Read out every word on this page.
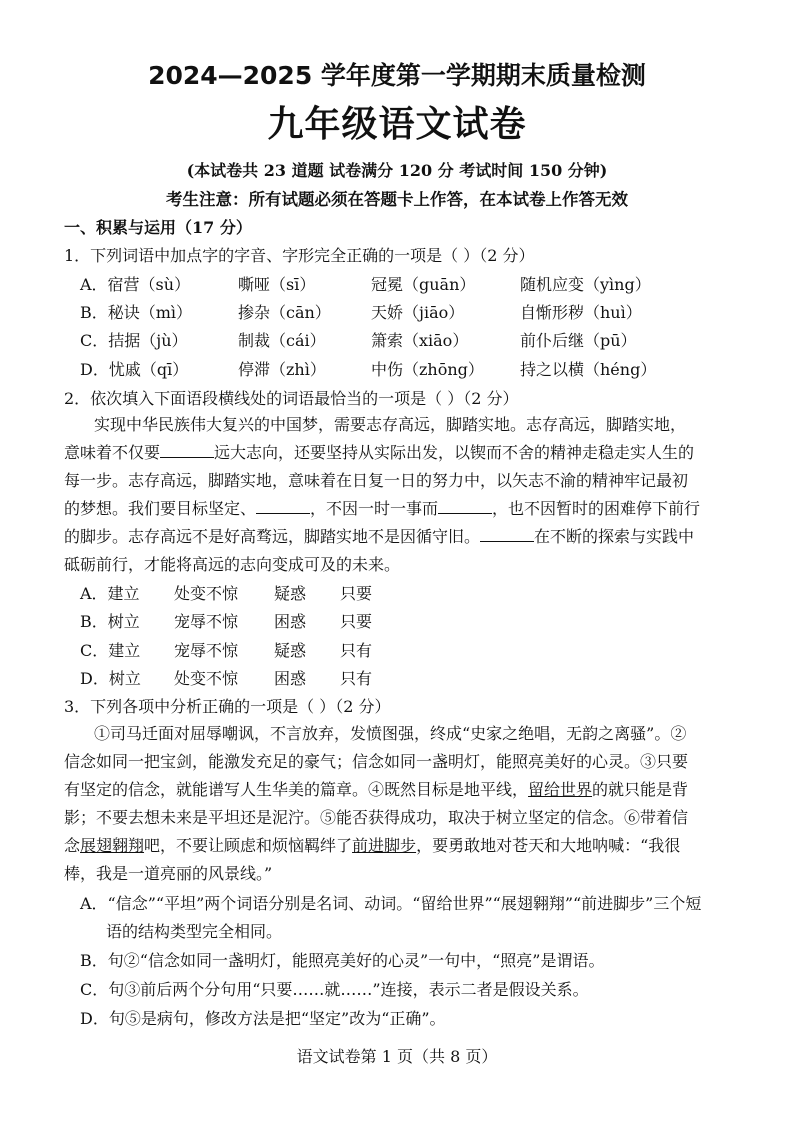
2024—2025 学年度第一学期期末质量检测
九年级语文试卷
(本试卷共 23 道题 试卷满分 120 分 考试时间 150 分钟)
考生注意：所有试题必须在答题卡上作答，在本试卷上作答无效
一、积累与运用（17 分）
1．下列词语中加点字的字音、字形完全正确的一项是（ ）（2 分）
A．宿营（sù）	嘶哑（sī）	冠冕（guān）	随机应变（yìng）
B．秘诀（mì）	掺杂（cān）	天娇（jiāo）	自惭形秽（huì）
C．拮据（jù）	制裁（cái）	箫索（xiāo）	前仆后继（pū）
D．忧戚（qī）	停滞（zhì）	中伤（zhōng） 持之以横（héng）
2．依次填入下面语段横线处的词语最恰当的一项是（ ）（2 分）
实现中华民族伟大复兴的中国梦，需要志存高远，脚踏实地。志存高远，脚踏实地，
意味着不仅要	远大志向，还要坚持从实际出发，以锲而不舍的精神走稳走实人生的
每一步。志存高远，脚踏实地，意味着在日复一日的努力中，以矢志不渝的精神牢记最初
的梦想。我们要目标坚定、	，不因一时一事而	，也不因暂时的困难停下前行
的脚步。志存高远不是好高骛远，脚踏实地不是因循守旧。	在不断的探索与实践中
砥砺前行，才能将高远的志向变成可及的未来。
A．建立 处变不惊 疑惑 只要
B．树立 宠辱不惊 困惑 只要
C．建立 宠辱不惊 疑惑 只有
D．树立 处变不惊 困惑 只有
3．下列各项中分析正确的一项是（ ）（2 分）
①司马迁面对屈辱嘲讽，不言放弃，发愤图强，终成“史家之绝唱，无韵之离骚”。②
信念如同一把宝剑，能激发充足的豪气；信念如同一盏明灯，能照亮美好的心灵。③只要
有坚定的信念，就能谱写人生华美的篇章。④既然目标是地平线，留给世界的就只能是背
影；不要去想未来是平坦还是泥泞。⑤能否获得成功，取决于树立坚定的信念。⑥带着信
念展翅翱翔吧，不要让顾虑和烦恼羁绊了前进脚步，要勇敢地对苍天和大地呐喊：“我很
棒，我是一道亮丽的风景线。”
A．“信念”“平坦”两个词语分别是名词、动词。“留给世界”“展翅翱翔”“前进脚步”三个短
语的结构类型完全相同。
B．句②“信念如同一盏明灯，能照亮美好的心灵”一句中，“照亮”是谓语。
C．句③前后两个分句用“只要……就……”连接，表示二者是假设关系。
D．句⑤是病句，修改方法是把“坚定”改为“正确”。
语文试卷第 1 页（共 8 页）
